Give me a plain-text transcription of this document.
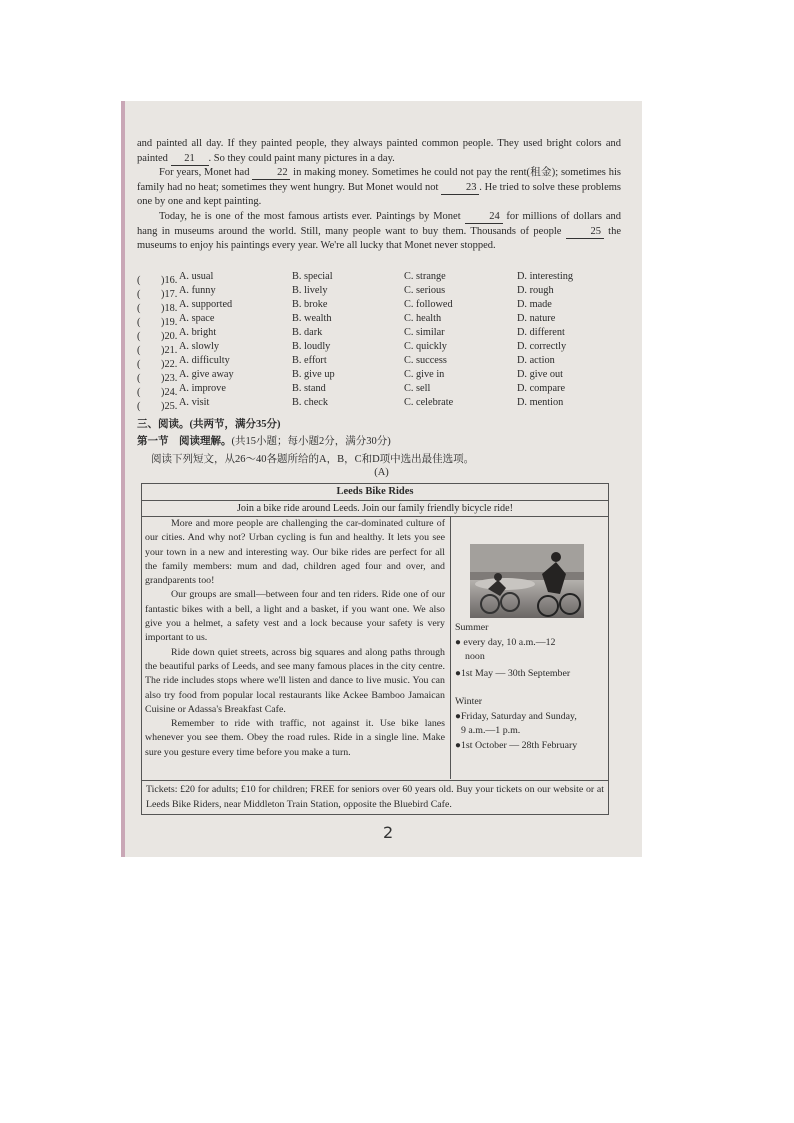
and painted all day. If they painted people, they always painted common people. They used bright colors and painted 21 . So they could paint many pictures in a day.

For years, Monet had	22 in making money. Sometimes he could not pay the rent(租金); sometimes his family had no heat; sometimes they went hungry. But Monet would not	23 . He tried to solve these problems one by one and kept painting.

Today, he is one of the most famous artists ever. Paintings by Monet	24 for millions of dollars and hang in museums around the world. Still, many people want to buy them. Thousands of people	25 the museums to enjoy his paintings every year. We're all lucky that Monet never stopped.

(　　)16. A. usual	B. special	C. strange	D. interesting
(　　)17. A. funny	B. lively	C. serious	D. rough
(　　)18. A. supported	B. broke	C. followed	D. made
(　　)19. A. space	B. wealth	C. health	D. nature
(　　)20. A. bright	B. dark	C. similar	D. different
(　　)21. A. slowly	B. loudly	C. quickly	D. correctly
(　　)22. A. difficulty	B. effort	C. success	D. action
(　　)23. A. give away	B. give up	C. give in	D. give out
(　　)24. A. improve	B. stand	C. sell	D. compare
(　　)25. A. visit	B. check	C. celebrate	D. mention
三、阅读。(共两节，满分35分)
第一节　阅读理解。(共15小题；每小题2分，满分30分)
阅读下列短文，从26～40各题所给的A，B，C和D项中选出最佳选项。
(A)
Leeds Bike Rides
Join a bike ride around Leeds. Join our family friendly bicycle ride!

More and more people are challenging the car-dominated culture of our cities. And why not? Urban cycling is fun and healthy. It lets you see your town in a new and interesting way. Our bike rides are perfect for all the family members: mum and dad, children aged four and over, and grandparents too!

Our groups are small—between four and ten riders. Ride one of our fantastic bikes with a bell, a light and a basket, if you want one. We also give you a helmet, a safety vest and a lock because your safety is very important to us.

Ride down quiet streets, across big squares and along paths through the beautiful parks of Leeds, and see many famous places in the city centre. The ride includes stops where we'll listen and dance to live music. You can also try food from popular local restaurants like Ackee Bamboo Jamaican Cuisine or Adassa's Breakfast Cafe.

Remember to ride with traffic, not against it. Use bike lanes whenever you see them. Obey the road rules. Ride in a single line. Make sure you gesture every time before you make a turn.

Summer
● every day, 10 a.m.—12
noon
●1st May — 30th September
Winter
●Friday, Saturday and Sunday,
9 a.m.—1 p.m.
●1st October — 28th February

Tickets: £20 for adults; £10 for children; FREE for seniors over 60 years old. Buy your tickets on our website or at Leeds Bike Riders, near Middleton Train Station, opposite the Bluebird Cafe.

2
